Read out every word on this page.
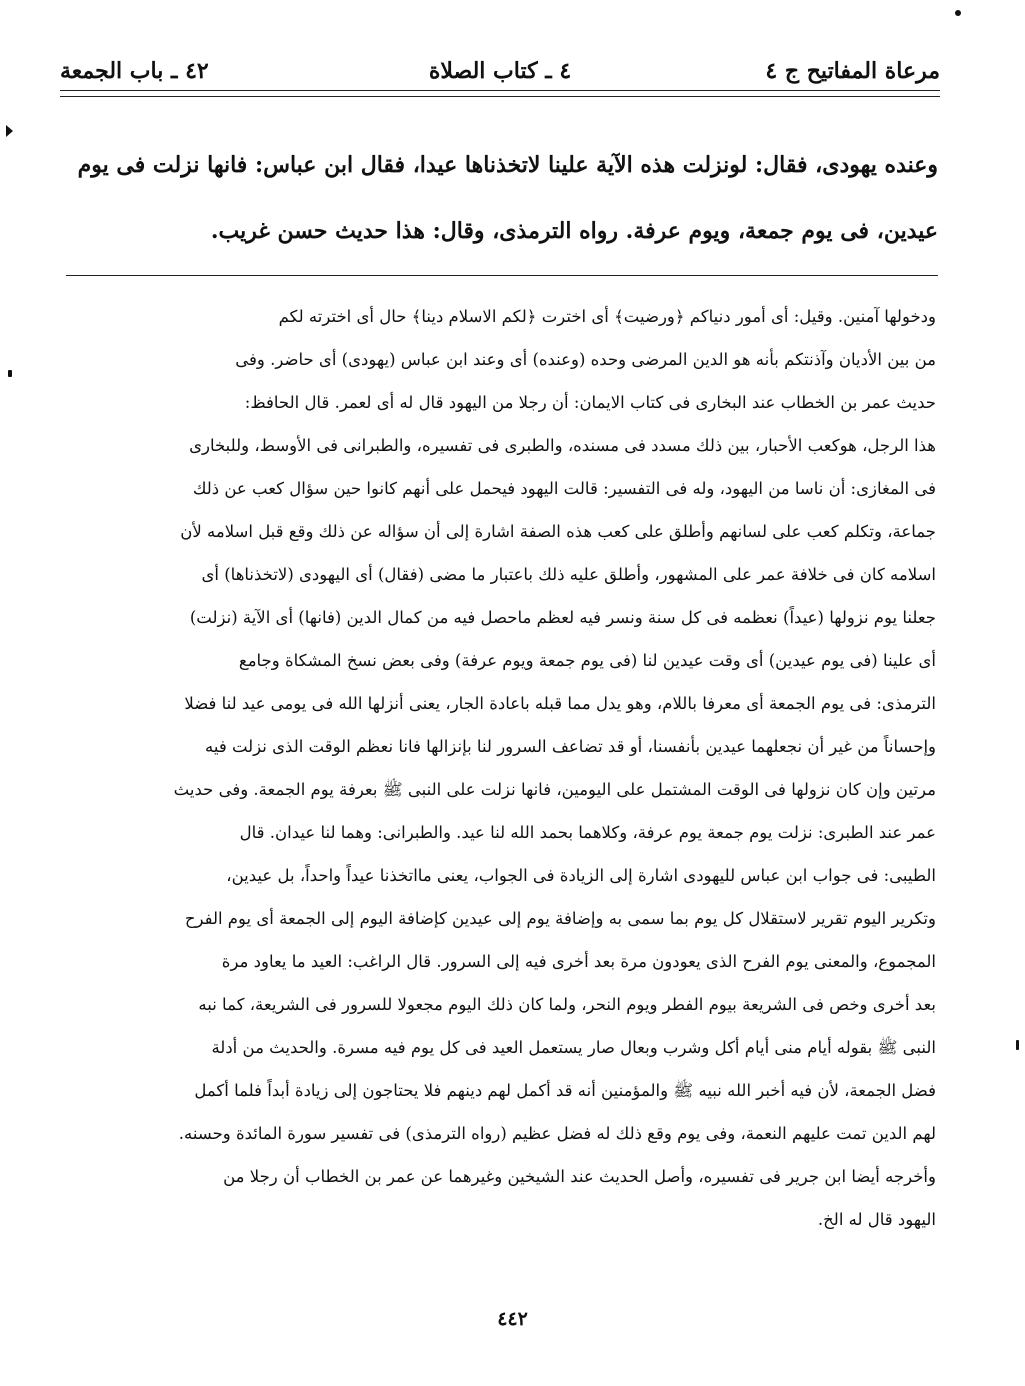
مرعاة المفاتيح ج ٤
٤ ـ كتاب الصلاة
٤٢ ـ باب الجمعة
وعنده يهودى، فقال: لونزلت هذه الآية علينا لاتخذناها عيدا، فقال ابن عباس: فانها نزلت فى يوم
عيدين، فى يوم جمعة، ويوم عرفة. رواه الترمذى، وقال: هذا حديث حسن غريب.
ودخولها آمنين. وقيل: أى أمور دنياكم ﴿ورضيت﴾ أى اخترت ﴿لكم الاسلام دينا﴾ حال أى اخترته لكم
من بين الأديان وآذنتكم بأنه هو الدين المرضى وحده (وعنده) أى وعند ابن عباس (يهودى) أى حاضر. وفى
حديث عمر بن الخطاب عند البخارى فى كتاب الايمان: أن رجلا من اليهود قال له أى لعمر. قال الحافظ:
هذا الرجل، هوكعب الأحبار، بين ذلك مسدد فى مسنده، والطبرى فى تفسيره، والطبرانى فى الأوسط، وللبخارى
فى المغازى: أن ناسا من اليهود، وله فى التفسير: قالت اليهود فيحمل على أنهم كانوا حين سؤال كعب عن ذلك
جماعة، وتكلم كعب على لسانهم وأطلق على كعب هذه الصفة اشارة إلى أن سؤاله عن ذلك وقع قبل اسلامه لأن
اسلامه كان فى خلافة عمر على المشهور، وأطلق عليه ذلك باعتبار ما مضى (فقال) أى اليهودى (لاتخذناها) أى
جعلنا يوم نزولها (عيداً) نعظمه فى كل سنة ونسر فيه لعظم ماحصل فيه من كمال الدين (فانها) أى الآية (نزلت)
أى علينا (فى يوم عيدين) أى وقت عيدين لنا (فى يوم جمعة ويوم عرفة) وفى بعض نسخ المشكاة وجامع
الترمذى: فى يوم الجمعة أى معرفا باللام، وهو يدل مما قبله باعادة الجار، يعنى أنزلها الله فى يومى عيد لنا فضلا
وإحساناً من غير أن نجعلهما عيدين بأنفسنا، أو قد تضاعف السرور لنا بإنزالها فانا نعظم الوقت الذى نزلت فيه
مرتين وإن كان نزولها فى الوقت المشتمل على اليومين، فانها نزلت على النبى ﷺ بعرفة يوم الجمعة. وفى حديث
عمر عند الطبرى: نزلت يوم جمعة يوم عرفة، وكلاهما بحمد الله لنا عيد. والطبرانى: وهما لنا عيدان. قال
الطيبى: فى جواب ابن عباس لليهودى اشارة إلى الزيادة فى الجواب، يعنى مااتخذنا عيداً واحداً، بل عيدين،
وتكرير اليوم تقرير لاستقلال كل يوم بما سمى به وإضافة يوم إلى عيدين كإضافة اليوم إلى الجمعة أى يوم الفرح
المجموع، والمعنى يوم الفرح الذى يعودون مرة بعد أخرى فيه إلى السرور. قال الراغب: العيد ما يعاود مرة
بعد أخرى وخص فى الشريعة بيوم الفطر ويوم النحر، ولما كان ذلك اليوم مجعولا للسرور فى الشريعة، كما نبه
النبى ﷺ بقوله أيام منى أيام أكل وشرب وبعال صار يستعمل العيد فى كل يوم فيه مسرة. والحديث من أدلة
فضل الجمعة، لأن فيه أخبر الله نبيه ﷺ والمؤمنين أنه قد أكمل لهم دينهم فلا يحتاجون إلى زيادة أبداً فلما أكمل
لهم الدين تمت عليهم النعمة، وفى يوم وقع ذلك له فضل عظيم (رواه الترمذى) فى تفسير سورة المائدة وحسنه.
وأخرجه أيضا ابن جرير فى تفسيره، وأصل الحديث عند الشيخين وغيرهما عن عمر بن الخطاب أن رجلا من
اليهود قال له الخ.
٤٤٢
